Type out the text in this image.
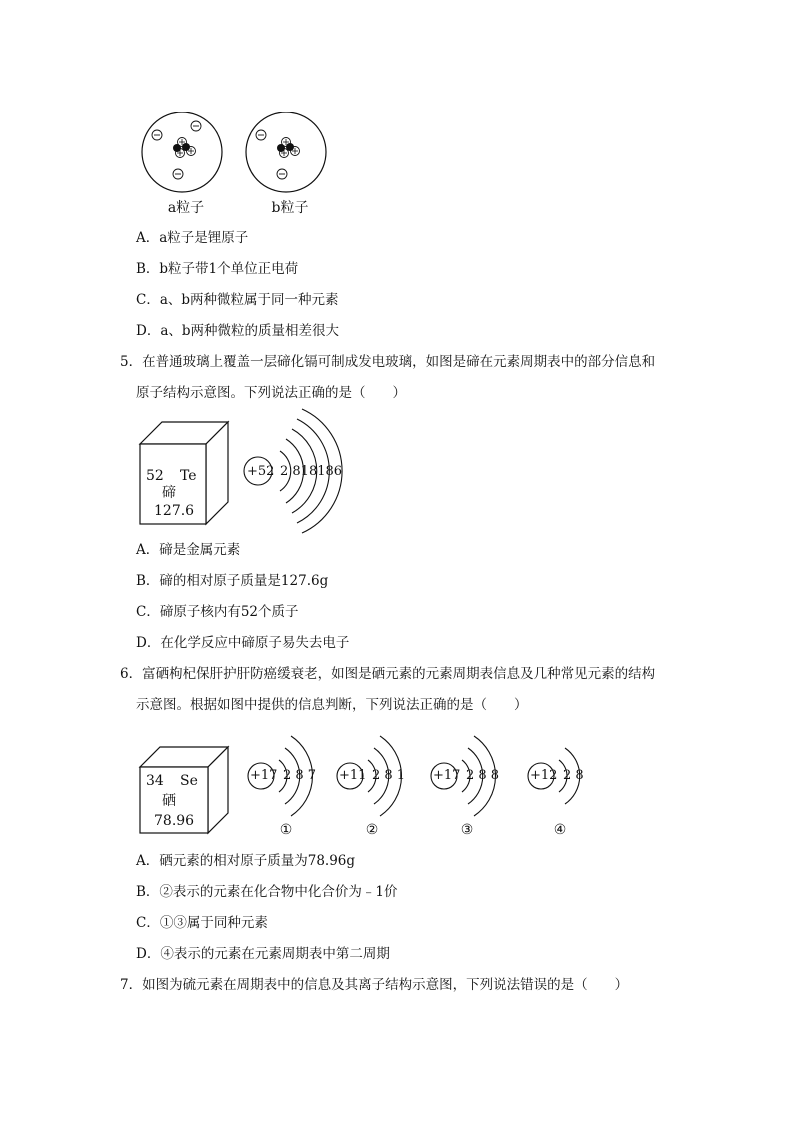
a粒子	b粒子
A．a粒子是锂原子
B．b粒子带1个单位正电荷
C．a、b两种微粒属于同一种元素
D．a、b两种微粒的质量相差很大
5．在普通玻璃上覆盖一层碲化镉可制成发电玻璃，如图是碲在元素周期表中的部分信息和
原子结构示意图。下列说法正确的是（　　）
52 Te
碲
127.6
+52 2 818186
A．碲是金属元素
B．碲的相对原子质量是127.6g
C．碲原子核内有52个质子
D．在化学反应中碲原子易失去电子
6．富硒枸杞保肝护肝防癌缓衰老，如图是硒元素的元素周期表信息及几种常见元素的结构
示意图。根据如图中提供的信息判断，下列说法正确的是（　　）
34 Se
硒
78.96
+17 2 8 7
①
+11 2 8 1
②
+17 2 8 8
③
+12 2 8
④
A．硒元素的相对原子质量为78.96g
B．②表示的元素在化合物中化合价为﹣1价
C．①③属于同种元素
D．④表示的元素在元素周期表中第二周期
7．如图为硫元素在周期表中的信息及其离子结构示意图，下列说法错误的是（　　）
